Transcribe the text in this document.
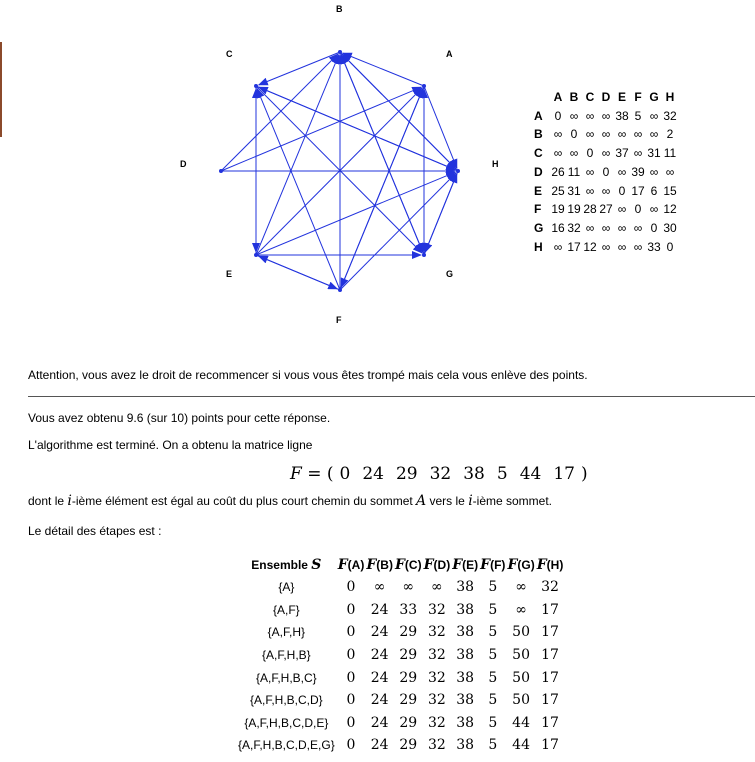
A
B
C
D
E
F
G
H
	A	B	C	D	E	F	G	H
A	0	∞	∞	∞	38	5	∞	32
B	∞	0	∞	∞	∞	∞	∞	2
C	∞	∞	0	∞	37	∞	31	11
D	26	11	∞	0	∞	39	∞	∞
E	25	31	∞	∞	0	17	6	15
F	19	19	28	27	∞	0	∞	12
G	16	32	∞	∞	∞	∞	0	30
H	∞	17	12	∞	∞	∞	33	0
Attention, vous avez le droit de recommencer si vous vous êtes trompé mais cela vous enlève des points.
Vous avez obtenu 9.6 (sur 10) points pour cette réponse.
L'algorithme est terminé. On a obtenu la matrice ligne
F = ( 0 24 29 32 38 5 44 17 )
dont le i-ième élément est égal au coût du plus court chemin du sommet A vers le i-ième sommet.
Le détail des étapes est :
Ensemble S	F(A)	F(B)	F(C)	F(D)	F(E)	F(F)	F(G)	F(H)
{A}	0	∞	∞	∞	38	5	∞	32
{A,F}	0	24	33	32	38	5	∞	17
{A,F,H}	0	24	29	32	38	5	50	17
{A,F,H,B}	0	24	29	32	38	5	50	17
{A,F,H,B,C}	0	24	29	32	38	5	50	17
{A,F,H,B,C,D}	0	24	29	32	38	5	50	17
{A,F,H,B,C,D,E}	0	24	29	32	38	5	44	17
{A,F,H,B,C,D,E,G}	0	24	29	32	38	5	44	17
